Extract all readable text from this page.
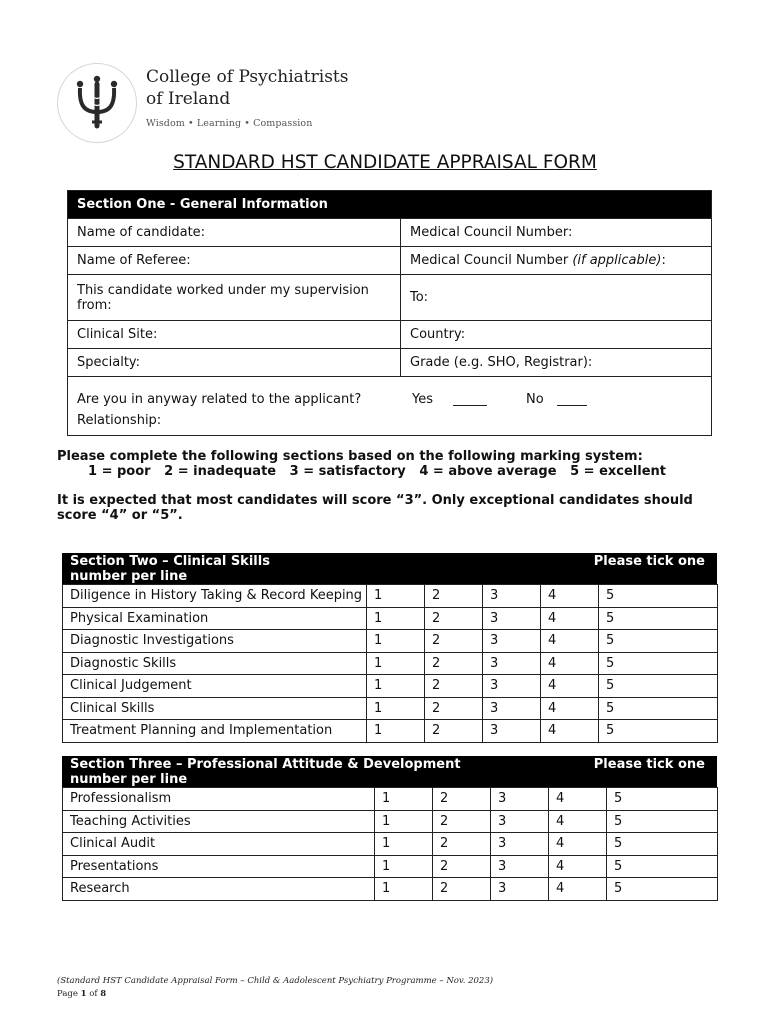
College of Psychiatrists
of Ireland
Wisdom • Learning • Compassion
STANDARD HST CANDIDATE APPRAISAL FORM
Section One - General Information
Name of candidate:	Medical Council Number:
Name of Referee:	Medical Council Number (if applicable) :
This candidate worked under my supervision from:	To:
Clinical Site:	Country:
Specialty:	Grade (e.g. SHO, Registrar):
Are you in anyway related to the applicant?	Yes	No
Relationship:
Please complete the following sections based on the following marking system:
1 = poor   2 = inadequate   3 = satisfactory   4 = above average   5 = excellent
It is expected that most candidates will score “3”. Only exceptional candidates should
score “4” or “5”.
Section Two – Clinical Skills
number per line
Please tick one
Diligence in History Taking & Record Keeping	1	2	3	4	5
Physical Examination	1	2	3	4	5
Diagnostic Investigations	1	2	3	4	5
Diagnostic Skills	1	2	3	4	5
Clinical Judgement	1	2	3	4	5
Clinical Skills	1	2	3	4	5
Treatment Planning and Implementation	1	2	3	4	5
Section Three – Professional Attitude & Development
number per line
Please tick one
Professionalism	1	2	3	4	5
Teaching Activities	1	2	3	4	5
Clinical Audit	1	2	3	4	5
Presentations	1	2	3	4	5
Research	1	2	3	4	5
(Standard HST Candidate Appraisal Form – Child & Aadolescent Psychiatry Programme – Nov. 2023)
Page 1 of 8
